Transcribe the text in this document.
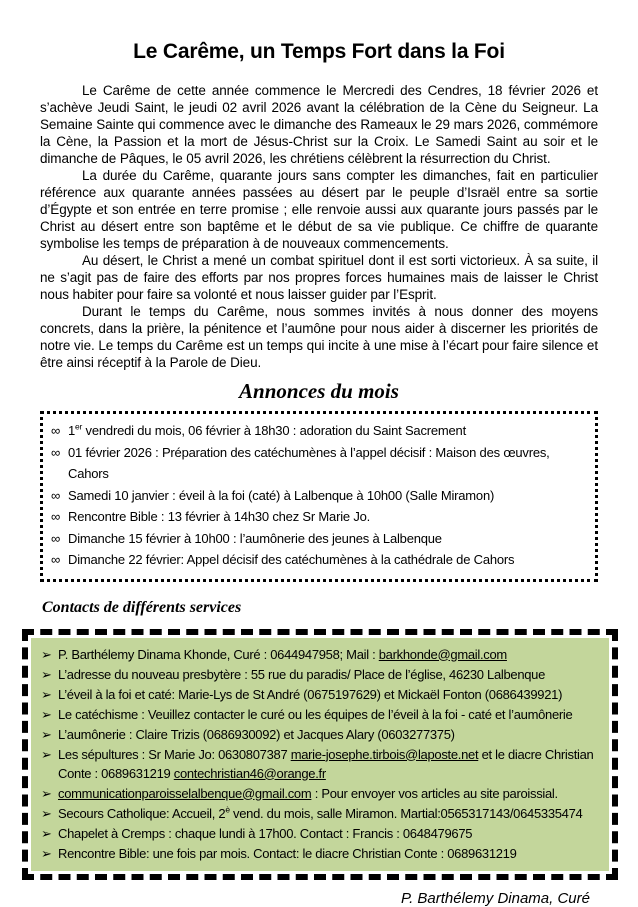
Le Carême, un Temps Fort dans la Foi

Le Carême de cette année commence le Mercredi des Cendres, 18 février 2026 et s’achève Jeudi Saint, le jeudi 02 avril 2026 avant la célébration de la Cène du Seigneur. La Semaine Sainte qui commence avec le dimanche des Rameaux le 29 mars 2026, commémore la Cène, la Passion et la mort de Jésus-Christ sur la Croix. Le Samedi Saint au soir et le dimanche de Pâques, le 05 avril 2026, les chrétiens célèbrent la résurrection du Christ.

La durée du Carême, quarante jours sans compter les dimanches, fait en particulier référence aux quarante années passées au désert par le peuple d’Israël entre sa sortie d’Égypte et son entrée en terre promise ; elle renvoie aussi aux quarante jours passés par le Christ au désert entre son baptême et le début de sa vie publique. Ce chiffre de quarante symbolise les temps de préparation à de nouveaux commencements.

Au désert, le Christ a mené un combat spirituel dont il est sorti victorieux. À sa suite, il ne s’agit pas de faire des efforts par nos propres forces humaines mais de laisser le Christ nous habiter pour faire sa volonté et nous laisser guider par l’Esprit.

Durant le temps du Carême, nous sommes invités à nous donner des moyens concrets, dans la prière, la pénitence et l’aumône pour nous aider à discerner les priorités de notre vie. Le temps du Carême est un temps qui incite à une mise à l’écart pour faire silence et être ainsi réceptif à la Parole de Dieu.

Annonces du mois
∞ 1er vendredi du mois, 06 février à 18h30 : adoration du Saint Sacrement
∞ 01 février 2026 : Préparation des catéchumènes à l’appel décisif : Maison des œuvres, Cahors
∞ Samedi 10 janvier : éveil à la foi (caté) à Lalbenque à 10h00 (Salle Miramon)
∞ Rencontre Bible : 13 février à 14h30 chez Sr Marie Jo.
∞ Dimanche 15 février à 10h00 : l’aumônerie des jeunes à Lalbenque
∞ Dimanche 22 février: Appel décisif des catéchumènes à la cathédrale de Cahors
Contacts de différents services
➢ P. Barthélemy Dinama Khonde, Curé : 0644947958; Mail : barkhonde@gmail.com
➢ L’adresse du nouveau presbytère : 55 rue du paradis/ Place de l’église, 46230 Lalbenque
➢ L’éveil à la foi et caté: Marie-Lys de St André (0675197629) et Mickaël Fonton (0686439921)
➢ Le catéchisme : Veuillez contacter le curé ou les équipes de l’éveil à la foi - caté et l’aumônerie
➢ L’aumônerie : Claire Trizis (0686930092) et Jacques Alary (0603277375)
➢ Les sépultures : Sr Marie Jo: 0630807387 marie-josephe.tirbois@laposte.net et le diacre Christian Conte : 0689631219 contechristian46@orange.fr
➢ communicationparoisselalbenque@gmail.com : Pour envoyer vos articles au site paroissial.
➢ Secours Catholique: Accueil, $2^è$ vend. du mois, salle Miramon. Martial:0565317143/0645335474
➢ Chapelet à Cremps : chaque lundi à 17h00. Contact : Francis : 0648479675
➢ Rencontre Bible: une fois par mois. Contact: le diacre Christian Conte : 0689631219

P. Barthélemy Dinama, Curé
